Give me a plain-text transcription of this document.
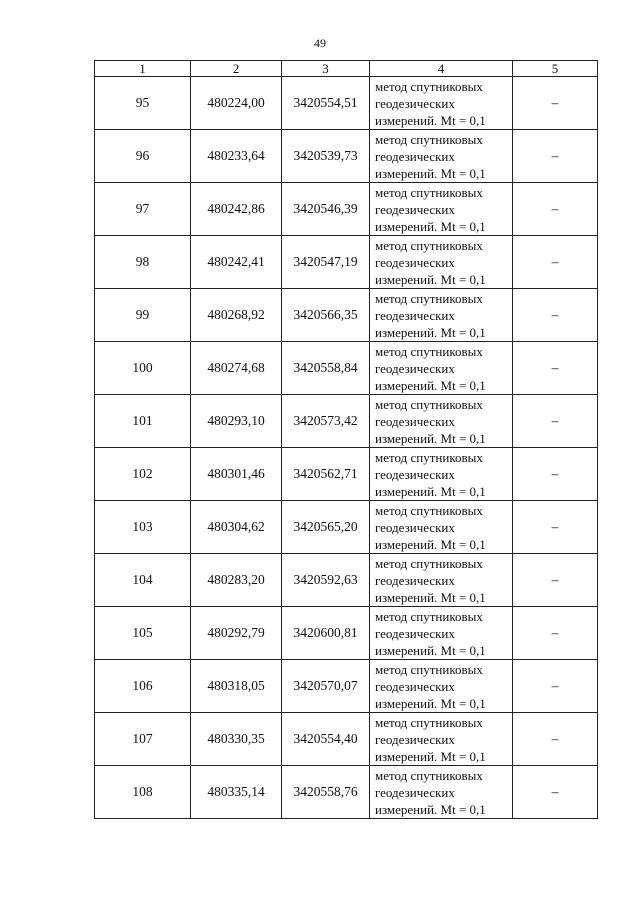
49
1	2	3	4	5
95	480224,00	3420554,51	метод спутниковых
геодезических
измерений. Mt = 0,1	–
96	480233,64	3420539,73	метод спутниковых
геодезических
измерений. Mt = 0,1	–
97	480242,86	3420546,39	метод спутниковых
геодезических
измерений. Mt = 0,1	–
98	480242,41	3420547,19	метод спутниковых
геодезических
измерений. Mt = 0,1	–
99	480268,92	3420566,35	метод спутниковых
геодезических
измерений. Mt = 0,1	–
100	480274,68	3420558,84	метод спутниковых
геодезических
измерений. Mt = 0,1	–
101	480293,10	3420573,42	метод спутниковых
геодезических
измерений. Mt = 0,1	–
102	480301,46	3420562,71	метод спутниковых
геодезических
измерений. Mt = 0,1	–
103	480304,62	3420565,20	метод спутниковых
геодезических
измерений. Mt = 0,1	–
104	480283,20	3420592,63	метод спутниковых
геодезических
измерений. Mt = 0,1	–
105	480292,79	3420600,81	метод спутниковых
геодезических
измерений. Mt = 0,1	–
106	480318,05	3420570,07	метод спутниковых
геодезических
измерений. Mt = 0,1	–
107	480330,35	3420554,40	метод спутниковых
геодезических
измерений. Mt = 0,1	–
108	480335,14	3420558,76	метод спутниковых
геодезических
измерений. Mt = 0,1	–
